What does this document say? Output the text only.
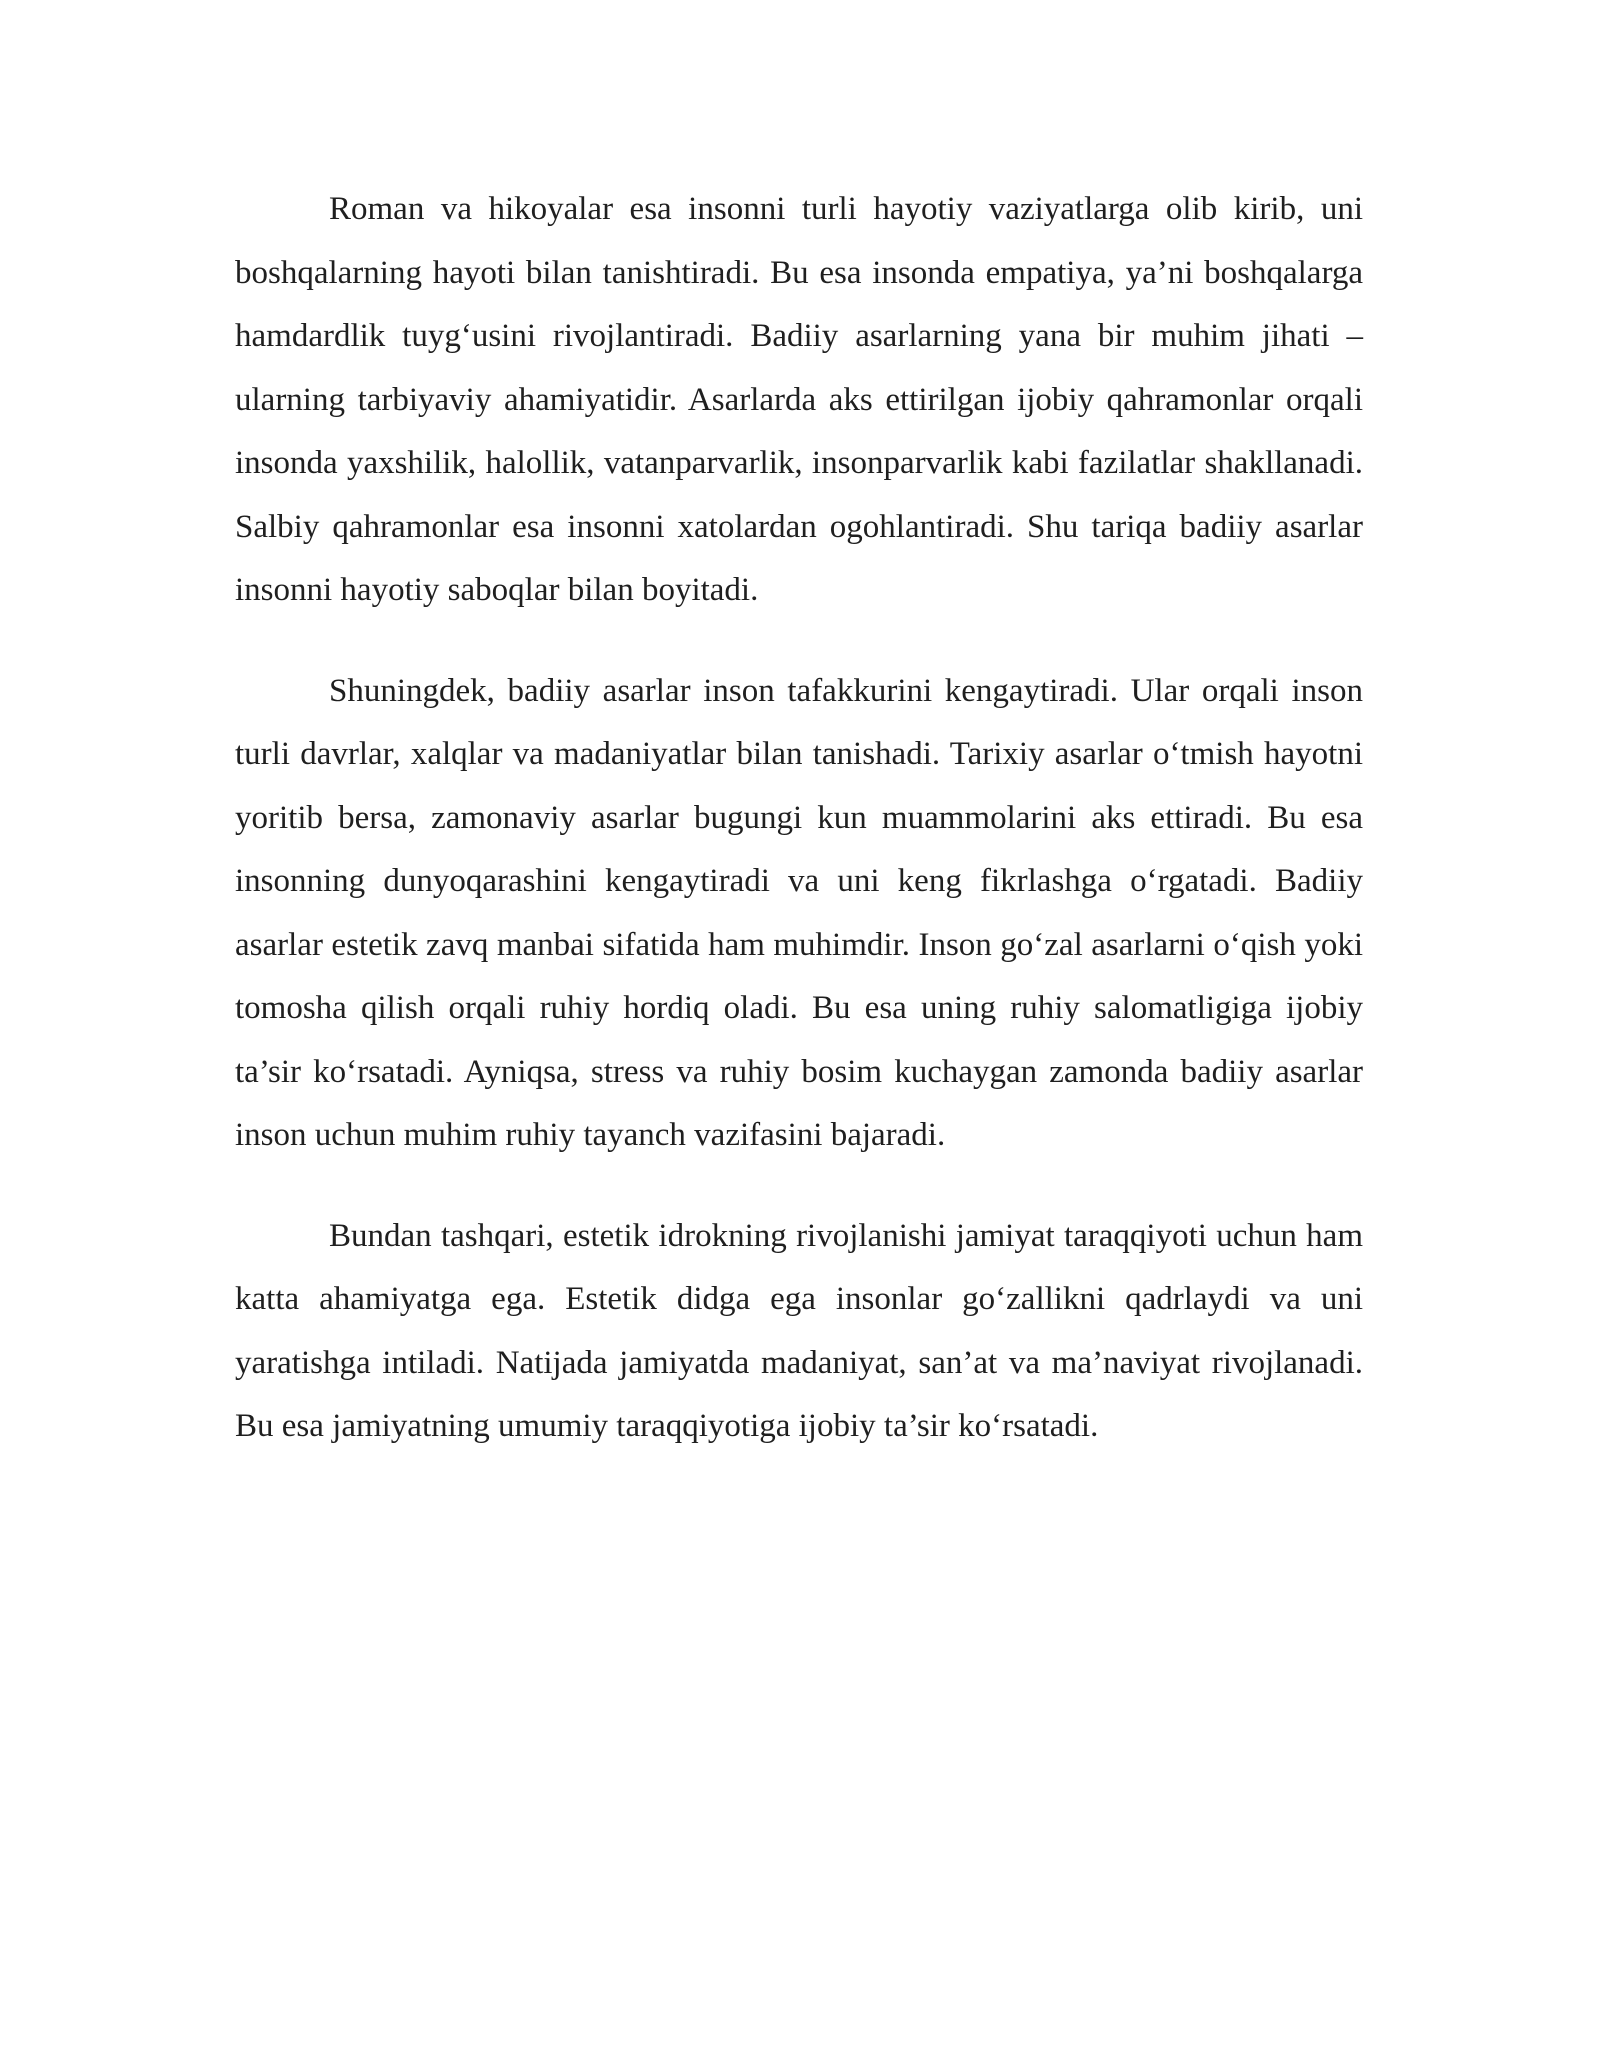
Roman va hikoyalar esa insonni turli hayotiy vaziyatlarga olib kirib, uni boshqalarning hayoti bilan tanishtiradi. Bu esa insonda empatiya, ya’ni boshqalarga hamdardlik tuyg‘usini rivojlantiradi. Badiiy asarlarning yana bir muhim jihati – ularning tarbiyaviy ahamiyatidir. Asarlarda aks ettirilgan ijobiy qahramonlar orqali insonda yaxshilik, halollik, vatanparvarlik, insonparvarlik kabi fazilatlar shakllanadi. Salbiy qahramonlar esa insonni xatolardan ogohlantiradi. Shu tariqa badiiy asarlar insonni hayotiy saboqlar bilan boyitadi.

Shuningdek, badiiy asarlar inson tafakkurini kengaytiradi. Ular orqali inson turli davrlar, xalqlar va madaniyatlar bilan tanishadi. Tarixiy asarlar o‘tmish hayotni yoritib bersa, zamonaviy asarlar bugungi kun muammolarini aks ettiradi. Bu esa insonning dunyoqarashini kengaytiradi va uni keng fikrlashga o‘rgatadi. Badiiy asarlar estetik zavq manbai sifatida ham muhimdir. Inson go‘zal asarlarni o‘qish yoki tomosha qilish orqali ruhiy hordiq oladi. Bu esa uning ruhiy salomatligiga ijobiy ta’sir ko‘rsatadi. Ayniqsa, stress va ruhiy bosim kuchaygan zamonda badiiy asarlar inson uchun muhim ruhiy tayanch vazifasini bajaradi.

Bundan tashqari, estetik idrokning rivojlanishi jamiyat taraqqiyoti uchun ham katta ahamiyatga ega. Estetik didga ega insonlar go‘zallikni qadrlaydi va uni yaratishga intiladi. Natijada jamiyatda madaniyat, san’at va ma’naviyat rivojlanadi. Bu esa jamiyatning umumiy taraqqiyotiga ijobiy ta’sir ko‘rsatadi.
